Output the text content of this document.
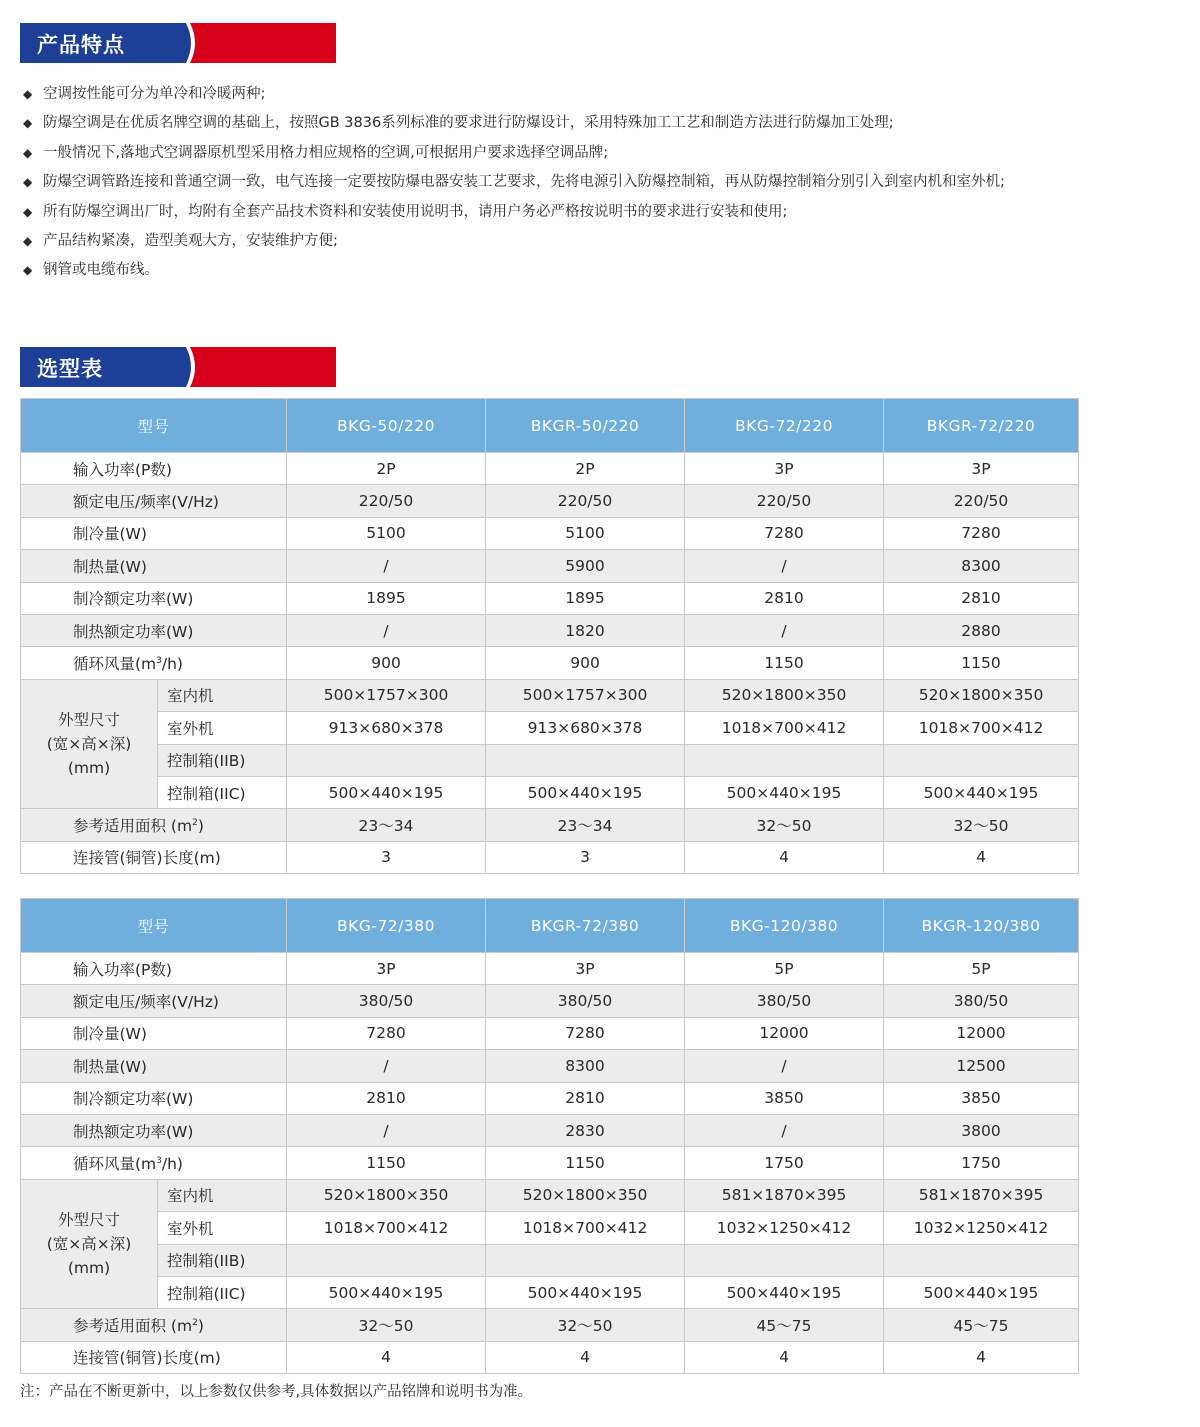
产品特点
◆ 空调按性能可分为单冷和冷暖两种;
◆ 防爆空调是在优质名牌空调的基础上，按照GB 3836系列标准的要求进行防爆设计，采用特殊加工工艺和制造方法进行防爆加工处理;
◆ 一般情况下,落地式空调器原机型采用格力相应规格的空调,可根据用户要求选择空调品牌;
◆ 防爆空调管路连接和普通空调一致，电气连接一定要按防爆电器安装工艺要求，先将电源引入防爆控制箱，再从防爆控制箱分别引入到室内机和室外机;
◆ 所有防爆空调出厂时，均附有全套产品技术资料和安装使用说明书，请用户务必严格按说明书的要求进行安装和使用;
◆ 产品结构紧凑，造型美观大方，安装维护方便;
◆ 钢管或电缆布线。
选型表
型号		BKG-50/220	BKGR-50/220	BKG-72/220	BKGR-72/220
输入功率(P数)		2P	2P	3P	3P
额定电压/频率(V/Hz)		220/50	220/50	220/50	220/50
制冷量(W)		5100	5100	7280	7280
制热量(W)		/	5900	/	8300
制冷额定功率(W)		1895	1895	2810	2810
制热额定功率(W)		/	1820	/	2880
循环风量$(m^3/h)$		900	900	1150	1150

外型尺寸
(宽×高×深)
(mm)	室内机	500×1757×300	500×1757×300	520×1800×350	520×1800×350
	室外机	913×680×378	913×680×378	1018×700×412	1018×700×412
	控制箱(IIB)				
	控制箱(IIC)	500×440×195	500×440×195	500×440×195	500×440×195
参考适用面积 $(m^2)$		23～34	23～34	32～50	32～50
连接管(铜管)长度(m)		3	3	4	4
型号		BKG-72/380	BKGR-72/380	BKG-120/380	BKGR-120/380
输入功率(P数)		3P	3P	5P	5P
额定电压/频率(V/Hz)		380/50	380/50	380/50	380/50
制冷量(W)		7280	7280	12000	12000
制热量(W)		/	8300	/	12500
制冷额定功率(W)		2810	2810	3850	3850
制热额定功率(W)		/	2830	/	3800
循环风量$(m^3/h)$		1150	1150	1750	1750

外型尺寸
(宽×高×深)
(mm)	室内机	520×1800×350	520×1800×350	581×1870×395	581×1870×395
	室外机	1018×700×412	1018×700×412	1032×1250×412	1032×1250×412
	控制箱(IIB)				
	控制箱(IIC)	500×440×195	500×440×195	500×440×195	500×440×195
参考适用面积 $(m^2)$		32～50	32～50	45～75	45～75
连接管(铜管)长度(m)		4	4	4	4
注：产品在不断更新中，以上参数仅供参考,具体数据以产品铭牌和说明书为准。
